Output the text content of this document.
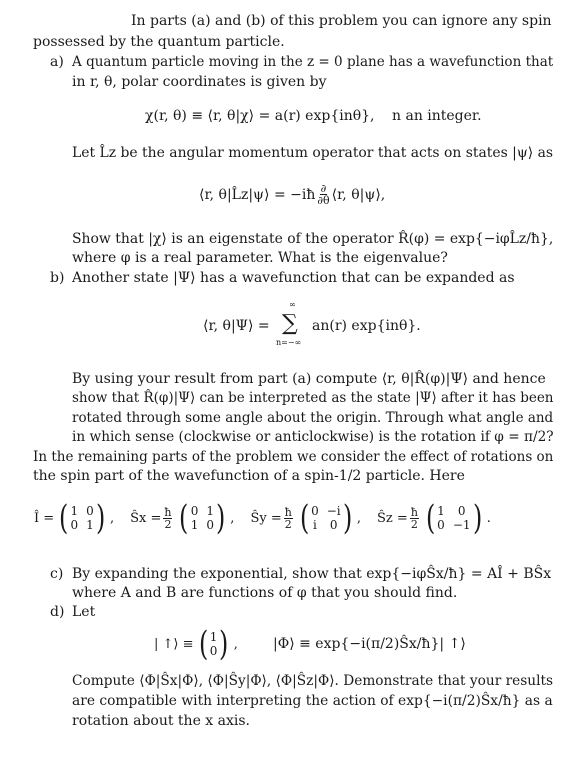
In parts (a) and (b) of this problem you can ignore any spin
possessed by the quantum particle.
a) A quantum particle moving in the z = 0 plane has a wavefunction that
in r, θ, polar coordinates is given by
χ(r, θ) ≡ ⟨r, θ|χ⟩ = a(r) exp{inθ}, n an integer.
Let L̂z be the angular momentum operator that acts on states |ψ⟩ as
⟨r, θ|L̂z|ψ⟩ = −iħ $\frac{\partial}{\partial\theta}$ ⟨r, θ|ψ⟩,
Show that |χ⟩ is an eigenstate of the operator R̂(φ) = exp{−iφL̂z/ħ},
where φ is a real parameter. What is the eigenvalue?
b) Another state |Ψ⟩ has a wavefunction that can be expanded as
⟨r, θ|Ψ⟩ =
∞
∑
n=−∞
an(r) exp{inθ}.
By using your result from part (a) compute ⟨r, θ|R̂(φ)|Ψ⟩ and hence
show that R̂(φ)|Ψ⟩ can be interpreted as the state |Ψ⟩ after it has been
rotated through some angle about the origin. Through what angle and
in which sense (clockwise or anticlockwise) is the rotation if φ = π/2?
In the remaining parts of the problem we consider the effect of rotations on
the spin part of the wavefunction of a spin-1/2 particle. Here
Î = ( 1 0
0 1 ) , Ŝx = $\frac{ħ}{2}$ ( 0 1
1 0 ) , Ŝy = $\frac{ħ}{2}$ ( 0 −i
i 0 ) , Ŝz = $\frac{ħ}{2}$ ( 1	0
0 −1 ) .
c) By expanding the exponential, show that exp{−iφŜx/ħ} = AÎ + BŜx
where A and B are functions of φ that you should find.
d) Let
| ↑⟩ ≡ ( 1
0 ) ,	|Φ⟩ ≡ exp{−i(π/2)Ŝx/ħ}| ↑⟩
Compute ⟨Φ|Ŝx|Φ⟩, ⟨Φ|Ŝy|Φ⟩, ⟨Φ|Ŝz|Φ⟩. Demonstrate that your results
are compatible with interpreting the action of exp{−i(π/2)Ŝx/ħ} as a
rotation about the x axis.
